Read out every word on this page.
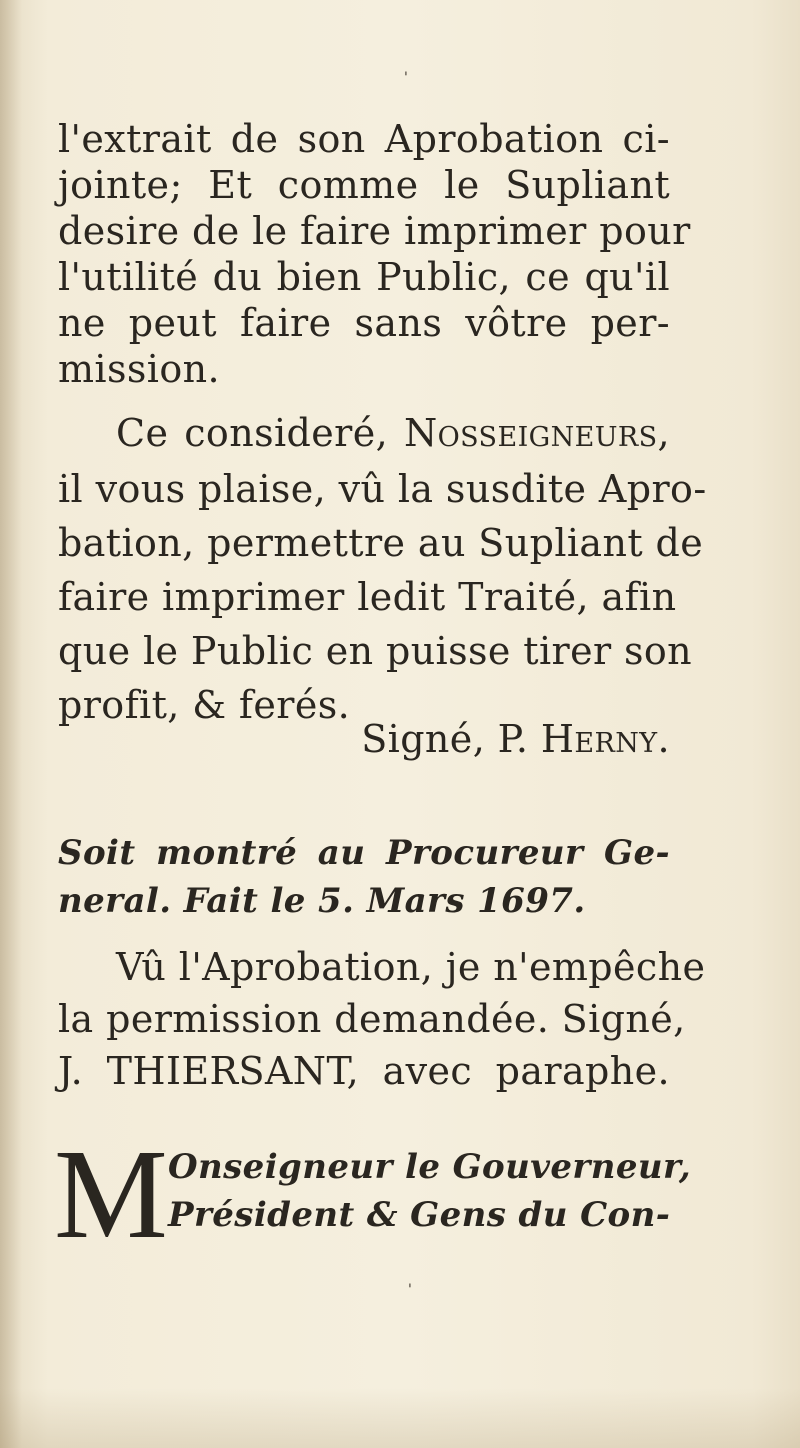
'
l'extrait de son Aprobation ci-
jointe; Et comme le Supliant
desire de le faire imprimer pour
l'utilité du bien Public, ce qu'il
ne peut faire sans vôtre per-
mission.
Ce consideré, Nosseigneurs,
il vous plaise, vû la susdite Apro-
bation, permettre au Supliant de
faire imprimer ledit Traité, afin
que le Public en puisse tirer son
profit, & ferés.
Signé, P. Herny.
Soit montré au Procureur Ge-
neral. Fait le 5. Mars 1697.
Vû l'Aprobation, je n'empêche
la permission demandée. Signé,
J. THIERSANT, avec paraphe.
M Onseigneur le Gouverneur,
Président & Gens du Con-
'
